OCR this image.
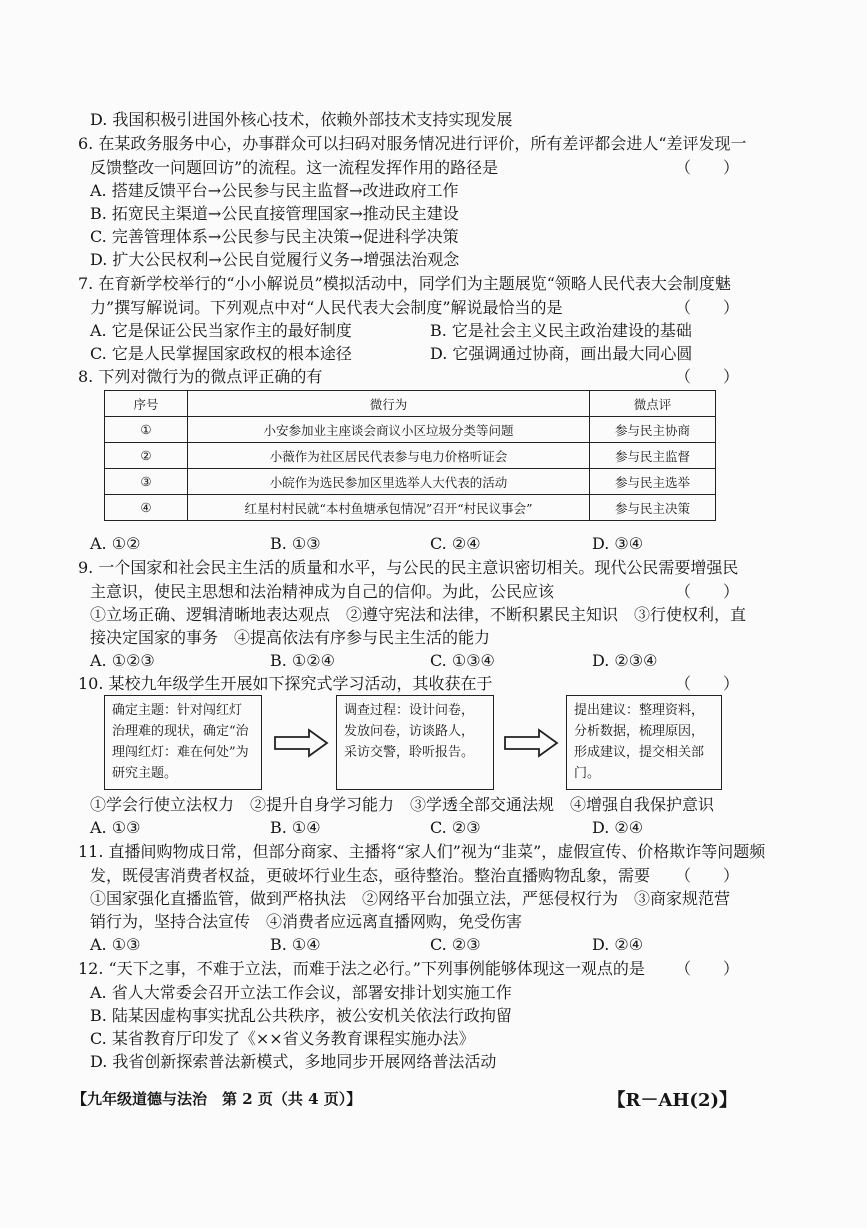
D. 我国积极引进国外核心技术，依赖外部技术支持实现发展
6. 在某政务服务中心，办事群众可以扫码对服务情况进行评价，所有差评都会进人“差评发现一
反馈整改一问题回访”的流程。这一流程发挥作用的路径是	（　　）
A. 搭建反馈平台→公民参与民主监督→改进政府工作
B. 拓宽民主渠道→公民直接管理国家→推动民主建设
C. 完善管理体系→公民参与民主决策→促进科学决策
D. 扩大公民权利→公民自觉履行义务→增强法治观念
7. 在育新学校举行的“小小解说员”模拟活动中，同学们为主题展览“领略人民代表大会制度魅
力”撰写解说词。下列观点中对“人民代表大会制度”解说最恰当的是	（　　）
A. 它是保证公民当家作主的最好制度	B. 它是社会主义民主政治建设的基础
C. 它是人民掌握国家政权的根本途径	D. 它强调通过协商，画出最大同心圆
8. 下列对微行为的微点评正确的有	（　　）
序号	微行为	微点评
①	小安参加业主座谈会商议小区垃圾分类等问题	参与民主协商
②	小薇作为社区居民代表参与电力价格听证会	参与民主监督
③	小皖作为选民参加区里选举人大代表的活动	参与民主选举
④	红星村村民就“本村鱼塘承包情况”召开“村民议事会”	参与民主决策
A. ①②	B. ①③	C. ②④	D. ③④
9. 一个国家和社会民主生活的质量和水平，与公民的民主意识密切相关。现代公民需要增强民
主意识，使民主思想和法治精神成为自己的信仰。为此，公民应该	（　　）
①立场正确、逻辑清晰地表达观点　②遵守宪法和法律，不断积累民主知识　③行使权利，直
接决定国家的事务　④提高依法有序参与民主生活的能力
A. ①②③	B. ①②④	C. ①③④	D. ②③④
10. 某校九年级学生开展如下探究式学习活动，其收获在于	（　　）
确定主题：针对闯红灯治理难的现状，确定“治理闯红灯：难在何处”为研究主题。
调查过程：设计问卷，发放问卷，访谈路人，采访交警，聆听报告。
提出建议：整理资料，分析数据，梳理原因，形成建议，提交相关部门。
①学会行使立法权力　②提升自身学习能力　③学透全部交通法规　④增强自我保护意识
A. ①③	B. ①④	C. ②③	D. ②④
11. 直播间购物成日常，但部分商家、主播将“家人们”视为“韭菜”，虚假宣传、价格欺诈等问题频
发，既侵害消费者权益，更破坏行业生态，亟待整治。整治直播购物乱象，需要 （　　）
①国家强化直播监管，做到严格执法　②网络平台加强立法，严惩侵权行为　③商家规范营
销行为，坚持合法宣传　④消费者应远离直播网购，免受伤害
A. ①③	B. ①④	C. ②③	D. ②④
12. “天下之事，不难于立法，而难于法之必行。”下列事例能够体现这一观点的是 （　　）
A. 省人大常委会召开立法工作会议，部署安排计划实施工作
B. 陆某因虚构事实扰乱公共秩序，被公安机关依法行政拘留
C. 某省教育厅印发了《××省义务教育课程实施办法》
D. 我省创新探索普法新模式，多地同步开展网络普法活动
【九年级道德与法治　第 2 页（共 4 页）】	【R－AH(2)】
